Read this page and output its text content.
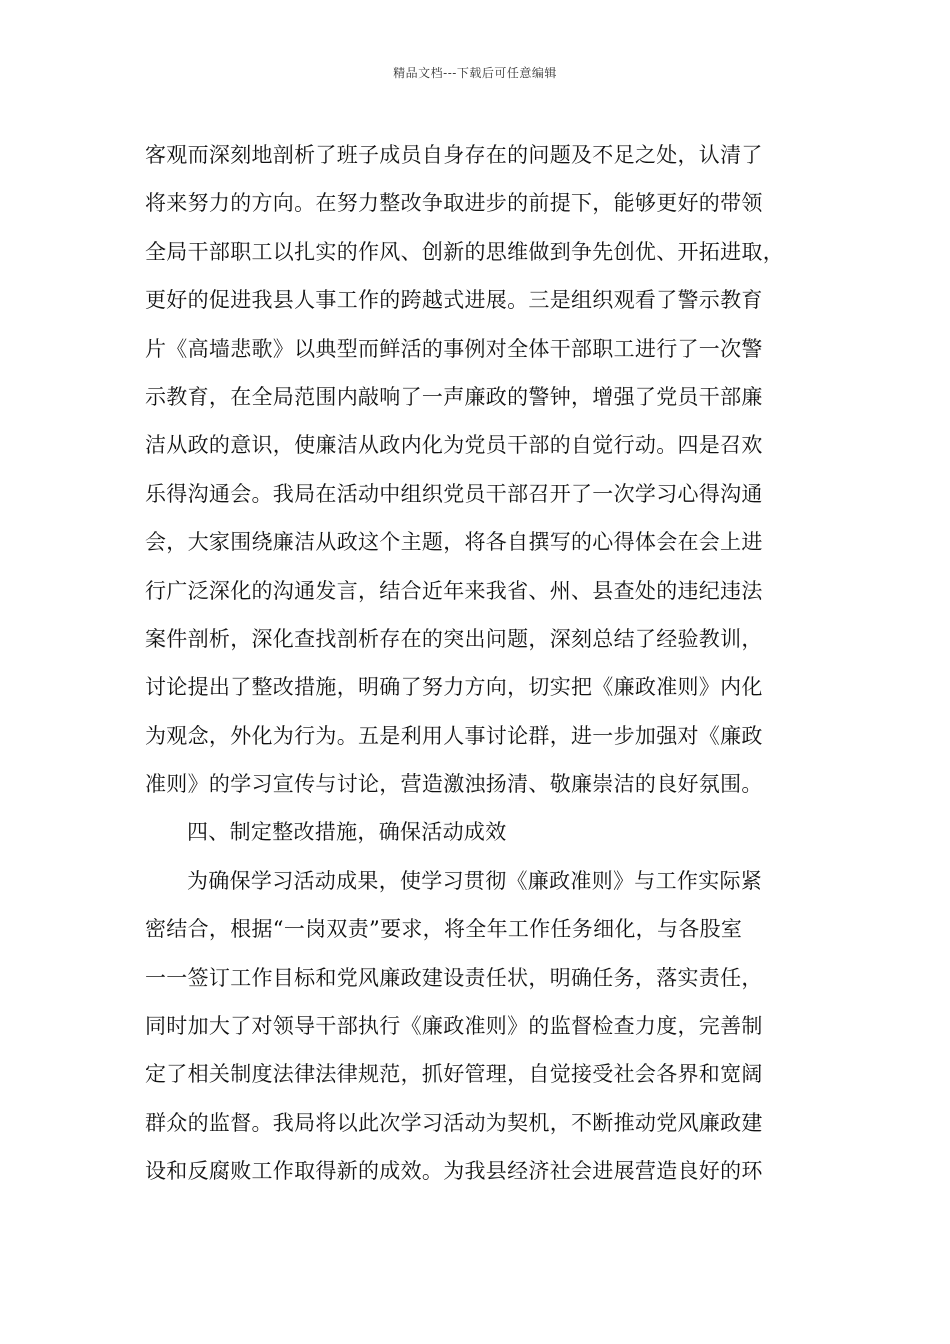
精品文档---下载后可任意编辑
客观而深刻地剖析了班子成员自身存在的问题及不足之处，认清了
将来努力的方向。在努力整改争取进步的前提下，能够更好的带领
全局干部职工以扎实的作风、创新的思维做到争先创优、开拓进取，
更好的促进我县人事工作的跨越式进展。三是组织观看了警示教育
片《高墙悲歌》以典型而鲜活的事例对全体干部职工进行了一次警
示教育，在全局范围内敲响了一声廉政的警钟，增强了党员干部廉
洁从政的意识，使廉洁从政内化为党员干部的自觉行动。四是召欢
乐得沟通会。我局在活动中组织党员干部召开了一次学习心得沟通
会，大家围绕廉洁从政这个主题，将各自撰写的心得体会在会上进
行广泛深化的沟通发言，结合近年来我省、州、县查处的违纪违法
案件剖析，深化查找剖析存在的突出问题，深刻总结了经验教训，
讨论提出了整改措施，明确了努力方向，切实把《廉政准则》内化
为观念，外化为行为。五是利用人事讨论群，进一步加强对《廉政
准则》的学习宣传与讨论，营造激浊扬清、敬廉崇洁的良好氛围。
四、制定整改措施，确保活动成效
为确保学习活动成果，使学习贯彻《廉政准则》与工作实际紧
密结合，根据“一岗双责”要求，将全年工作任务细化，与各股室
一一签订工作目标和党风廉政建设责任状，明确任务，落实责任，
同时加大了对领导干部执行《廉政准则》的监督检查力度，完善制
定了相关制度法律法律规范，抓好管理，自觉接受社会各界和宽阔
群众的监督。我局将以此次学习活动为契机，不断推动党风廉政建
设和反腐败工作取得新的成效。为我县经济社会进展营造良好的环
